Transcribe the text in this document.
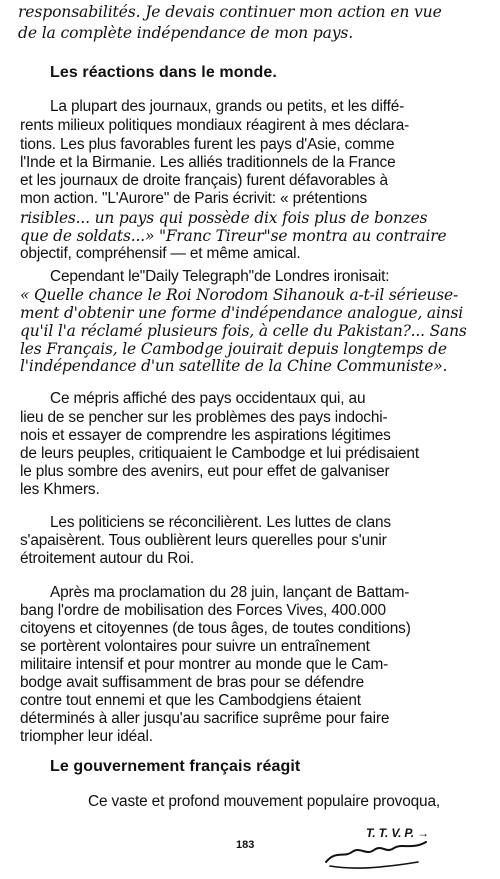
responsabilités. Je devais continuer mon action en vue

de la complète indépendance de mon pays.

Les réactions dans le monde.

La plupart des journaux, grands ou petits, et les diffé-

rents milieux politiques mondiaux réagirent à mes déclara-

tions. Les plus favorables furent les pays d'Asie, comme

l'Inde et la Birmanie. Les alliés traditionnels de la France

et les journaux de droite français) furent défavorables à

mon action. "L'Aurore" de Paris écrivit: « prétentions

risibles... un pays qui possède dix fois plus de bonzes

que de soldats...» "Franc Tireur"se montra au contraire

objectif, compréhensif — et même amical.

Cependant le"Daily Telegraph"de Londres ironisait:

« Quelle chance le Roi Norodom Sihanouk a-t-il sérieuse-

ment d'obtenir une forme d'indépendance analogue, ainsi

qu'il l'a réclamé plusieurs fois, à celle du Pakistan?... Sans

les Français, le Cambodge jouirait depuis longtemps de

l'indépendance d'un satellite de la Chine Communiste».

Ce mépris affiché des pays occidentaux qui, au

lieu de se pencher sur les problèmes des pays indochi-

nois et essayer de comprendre les aspirations légitimes

de leurs peuples, critiquaient le Cambodge et lui prédisaient

le plus sombre des avenirs, eut pour effet de galvaniser

les Khmers.

Les politiciens se réconcilièrent. Les luttes de clans

s'apaisèrent. Tous oublièrent leurs querelles pour s'unir

étroitement autour du Roi.

Après ma proclamation du 28 juin, lançant de Battam-

bang l'ordre de mobilisation des Forces Vives, 400.000

citoyens et citoyennes (de tous âges, de toutes conditions)

se portèrent volontaires pour suivre un entraînement

militaire intensif et pour montrer au monde que le Cam-

bodge avait suffisamment de bras pour se défendre

contre tout ennemi et que les Cambodgiens étaient

déterminés à aller jusqu'au sacrifice suprême pour faire

triompher leur idéal.

Le gouvernement français réagit

Ce vaste et profond mouvement populaire provoqua,

T. T. V. P. →

183
